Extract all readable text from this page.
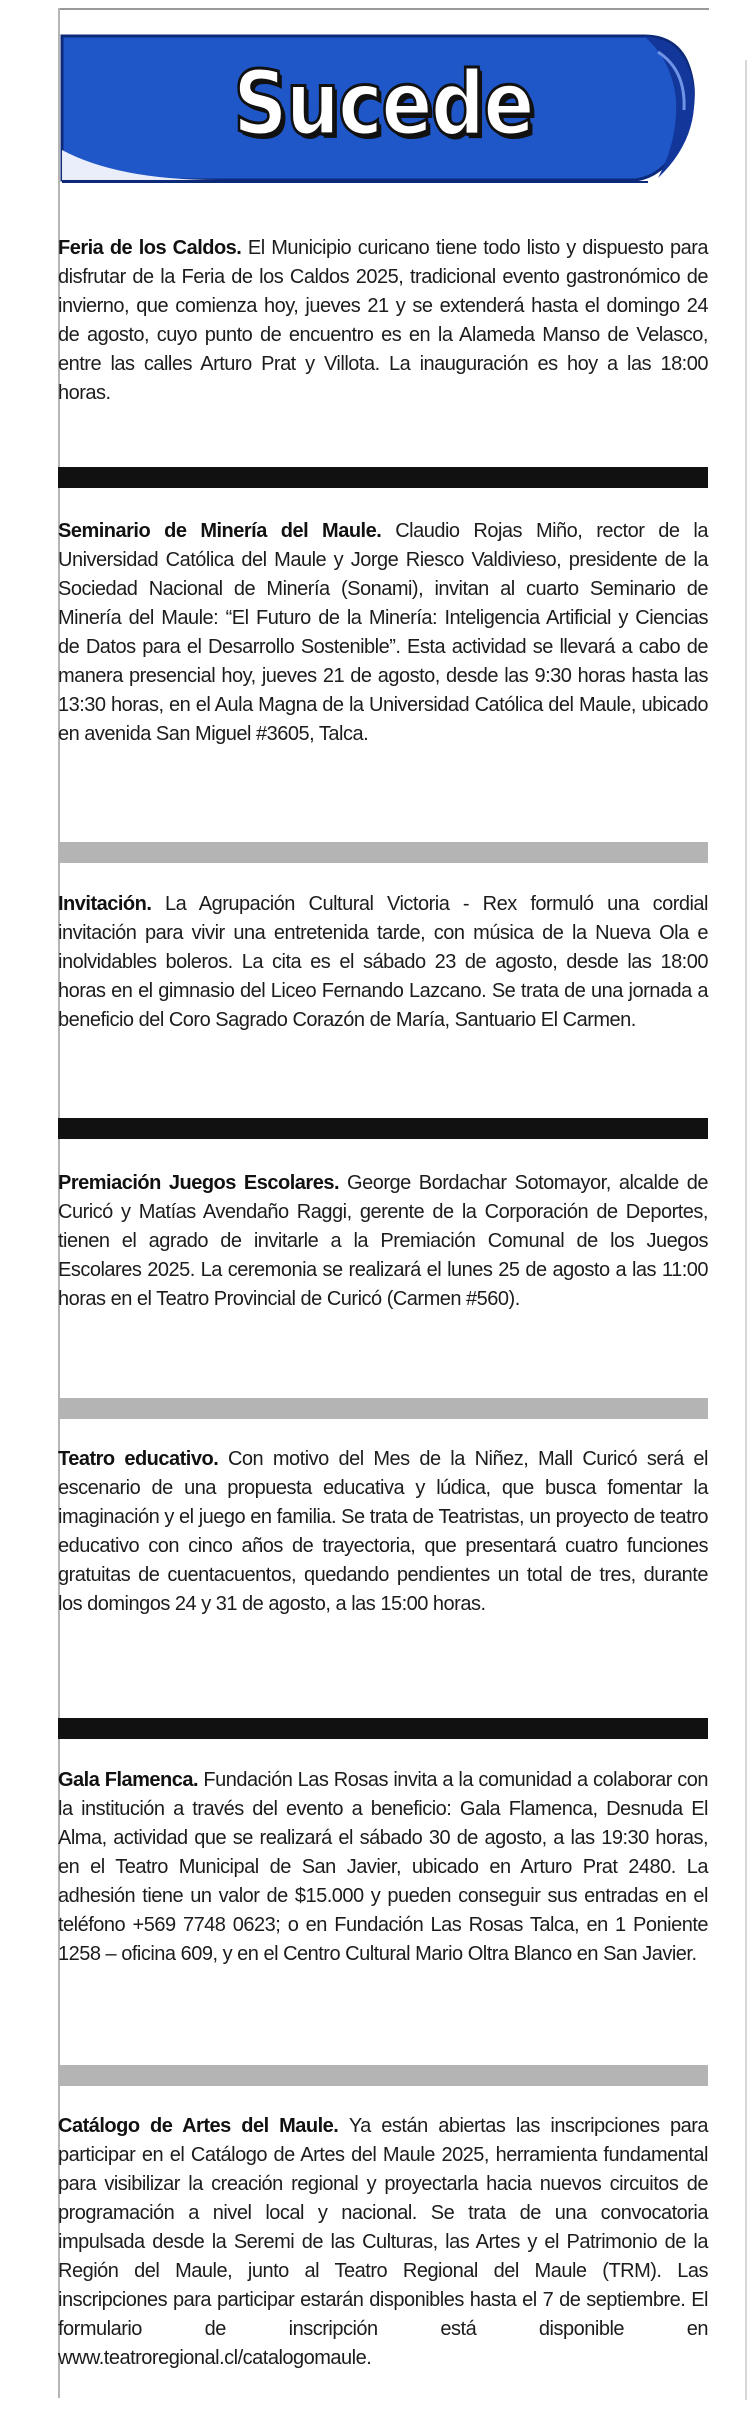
Sucede
Feria de los Caldos. El Municipio curicano tiene todo listo y dispuesto para disfrutar de la Feria de los Caldos 2025, tradicional evento gastronómico de invierno, que comienza hoy, jueves 21 y se extenderá hasta el domingo 24 de agosto, cuyo punto de encuentro es en la Alameda Manso de Velasco, entre las calles Arturo Prat y Villota. La inauguración es hoy a las 18:00 horas.
Seminario de Minería del Maule. Claudio Rojas Miño, rector de la Universidad Católica del Maule y Jorge Riesco Valdivieso, presidente de la Sociedad Nacional de Minería (Sonami), invitan al cuarto Seminario de Minería del Maule: “El Futuro de la Minería: Inteligencia Artificial y Ciencias de Datos para el Desarrollo Sostenible”. Esta actividad se llevará a cabo de manera presencial hoy, jueves 21 de agosto, desde las 9:30 horas hasta las 13:30 horas, en el Aula Magna de la Universidad Católica del Maule, ubicado en avenida San Miguel #3605, Talca.
Invitación. La Agrupación Cultural Victoria - Rex formuló una cordial invitación para vivir una entretenida tarde, con música de la Nueva Ola e inolvidables boleros. La cita es el sábado 23 de agosto, desde las 18:00 horas en el gimnasio del Liceo Fernando Lazcano. Se trata de una jornada a beneficio del Coro Sagrado Corazón de María, Santuario El Carmen.
Premiación Juegos Escolares. George Bordachar Sotomayor, alcalde de Curicó y Matías Avendaño Raggi, gerente de la Corporación de Deportes, tienen el agrado de invitarle a la Premiación Comunal de los Juegos Escolares 2025. La ceremonia se realizará el lunes 25 de agosto a las 11:00 horas en el Teatro Provincial de Curicó (Carmen #560).
Teatro educativo. Con motivo del Mes de la Niñez, Mall Curicó será el escenario de una propuesta educativa y lúdica, que busca fomentar la imaginación y el juego en familia. Se trata de Teatristas, un proyecto de teatro educativo con cinco años de trayectoria, que presentará cuatro funciones gratuitas de cuentacuentos, quedando pendientes un total de tres, durante los domingos 24 y 31 de agosto, a las 15:00 horas.
Gala Flamenca. Fundación Las Rosas invita a la comunidad a colaborar con la institución a través del evento a beneficio: Gala Flamenca, Desnuda El Alma, actividad que se realizará el sábado 30 de agosto, a las 19:30 horas, en el Teatro Municipal de San Javier, ubicado en Arturo Prat 2480. La adhesión tiene un valor de $15.000 y pueden conseguir sus entradas en el teléfono +569 7748 0623; o en Fundación Las Rosas Talca, en 1 Poniente 1258 – oficina 609, y en el Centro Cultural Mario Oltra Blanco en San Javier.
Catálogo de Artes del Maule. Ya están abiertas las inscripciones para participar en el Catálogo de Artes del Maule 2025, herramienta fundamental para visibilizar la creación regional y proyectarla hacia nuevos circuitos de programación a nivel local y nacional. Se trata de una convocatoria impulsada desde la Seremi de las Culturas, las Artes y el Patrimonio de la Región del Maule, junto al Teatro Regional del Maule (TRM). Las inscripciones para participar estarán disponibles hasta el 7 de septiembre. El formulario de inscripción está disponible en www.teatroregional.cl/catalogomaule.
